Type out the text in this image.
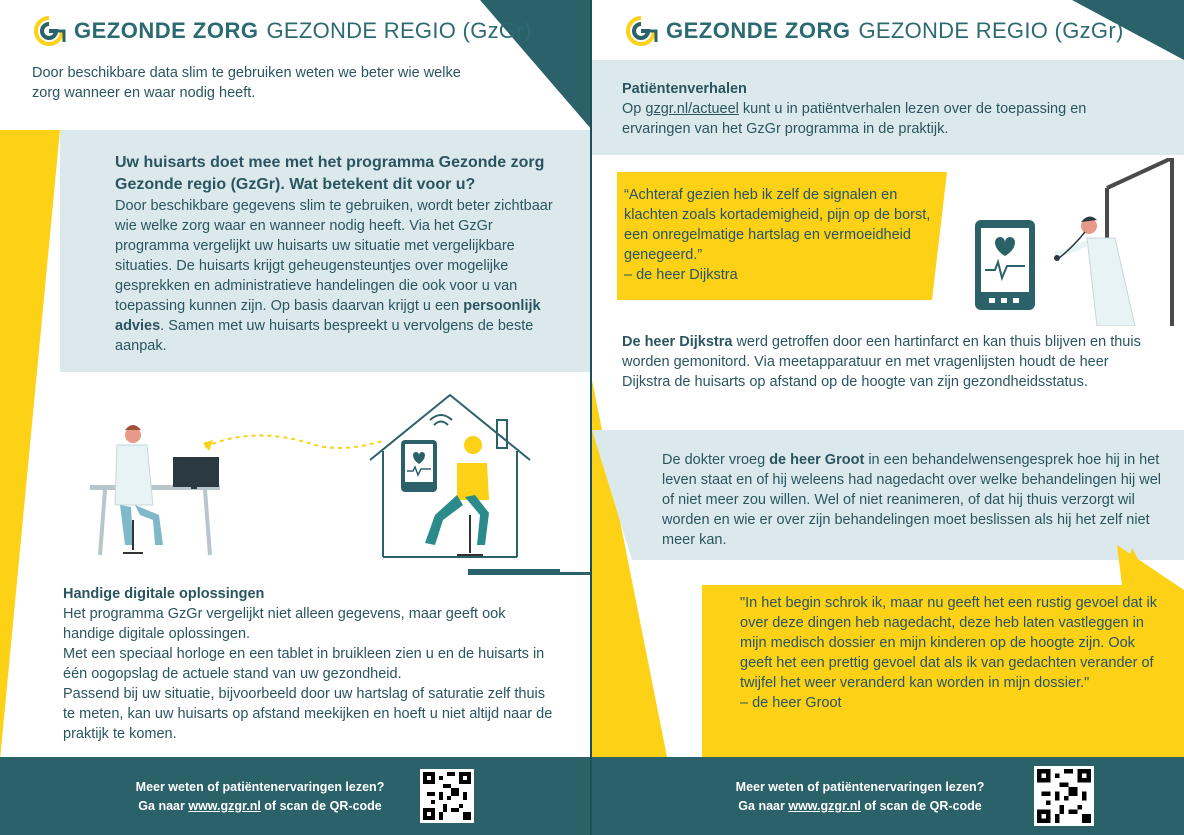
GEZONDE ZORG GEZONDE REGIO (GzGr)
Door beschikbare data slim te gebruiken weten we beter wie welke zorg wanneer en waar nodig heeft.
Uw huisarts doet mee met het programma Gezonde zorg Gezonde regio (GzGr). Wat betekent dit voor u?
Door beschikbare gegevens slim te gebruiken, wordt beter zichtbaar wie welke zorg waar en wanneer nodig heeft. Via het GzGr programma vergelijkt uw huisarts uw situatie met vergelijkbare situaties. De huisarts krijgt geheugensteuntjes over mogelijke gesprekken en administratieve handelingen die ook voor u van toepassing kunnen zijn. Op basis daarvan krijgt u een persoonlijk advies. Samen met uw huisarts bespreekt u vervolgens de beste aanpak.
Handige digitale oplossingen
Het programma GzGr vergelijkt niet alleen gegevens, maar geeft ook handige digitale oplossingen.
Met een speciaal horloge en een tablet in bruikleen zien u en de huisarts in één oogopslag de actuele stand van uw gezondheid.
Passend bij uw situatie, bijvoorbeeld door uw hartslag of saturatie zelf thuis te meten, kan uw huisarts op afstand meekijken en hoeft u niet altijd naar de praktijk te komen.
Meer weten of patiëntenervaringen lezen?
Ga naar www.gzgr.nl of scan de QR-code
GEZONDE ZORG GEZONDE REGIO (GzGr)
Patiëntenverhalen
Op gzgr.nl/actueel kunt u in patiëntverhalen lezen over de toepassing en ervaringen van het GzGr programma in de praktijk.
“Achteraf gezien heb ik zelf de signalen en klachten zoals kortademigheid, pijn op de borst, een onregelmatige hartslag en vermoeidheid genegeerd.”
– de heer Dijkstra
De heer Dijkstra werd getroffen door een hartinfarct en kan thuis blijven en thuis worden gemonitord. Via meetapparatuur en met vragenlijsten houdt de heer Dijkstra de huisarts op afstand op de hoogte van zijn gezondheidsstatus.
De dokter vroeg de heer Groot in een behandelwensengesprek hoe hij in het leven staat en of hij weleens had nagedacht over welke behandelingen hij wel of niet meer zou willen. Wel of niet reanimeren, of dat hij thuis verzorgt wil worden en wie er over zijn behandelingen moet beslissen als hij het zelf niet meer kan.
"In het begin schrok ik, maar nu geeft het een rustig gevoel dat ik over deze dingen heb nagedacht, deze heb laten vastleggen in mijn medisch dossier en mijn kinderen op de hoogte zijn. Ook geeft het een prettig gevoel dat als ik van gedachten verander of twijfel het weer veranderd kan worden in mijn dossier."
– de heer Groot
Meer weten of patiëntenervaringen lezen?
Ga naar www.gzgr.nl of scan de QR-code
